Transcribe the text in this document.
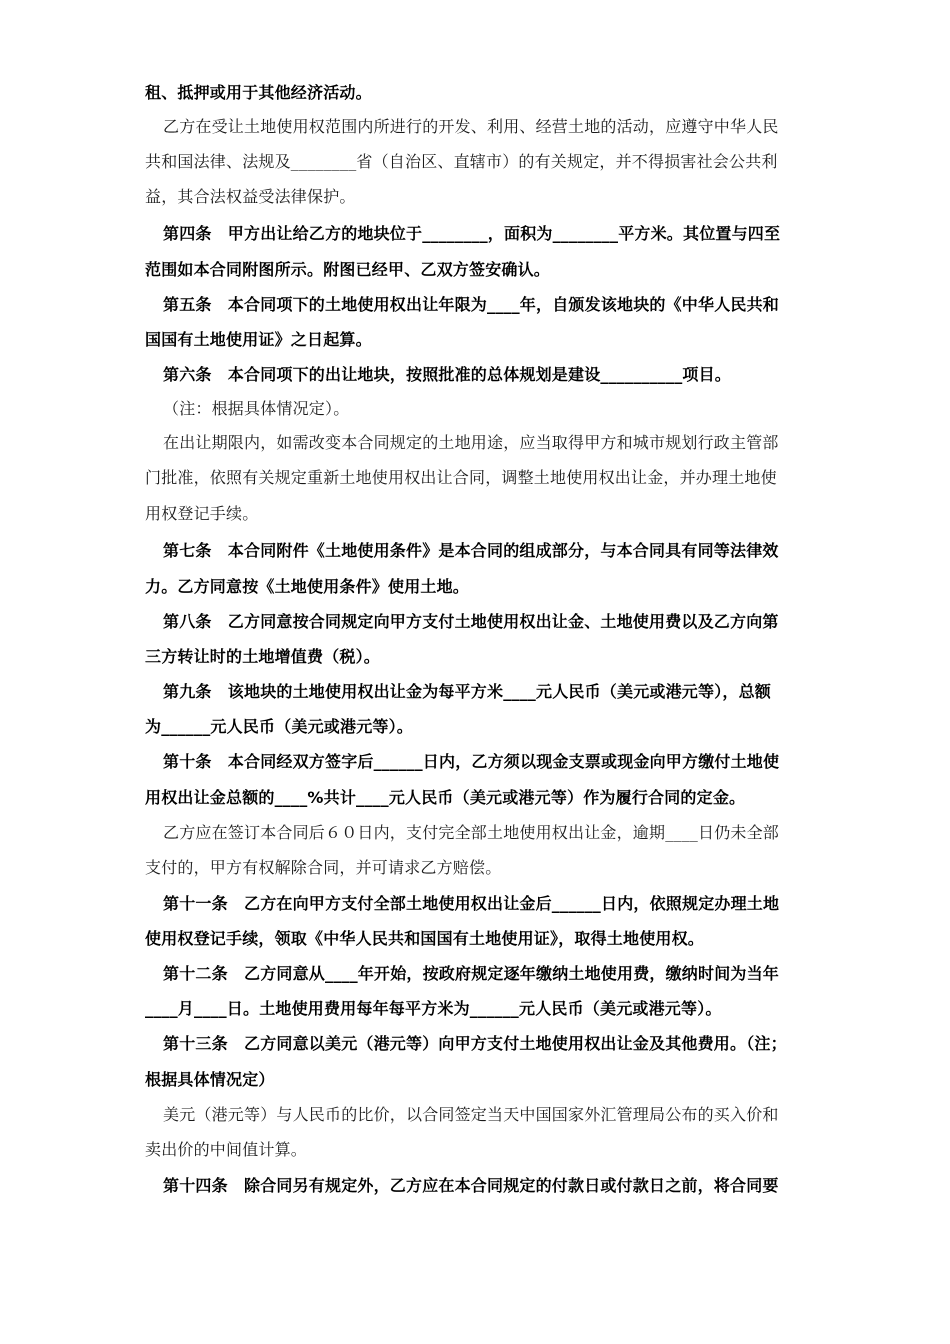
租、抵押或用于其他经济活动。
乙方在受让土地使用权范围内所进行的开发、利用、经营土地的活动，应遵守中华人民
共和国法律、法规及________省（自治区、直辖市）的有关规定，并不得损害社会公共利
益，其合法权益受法律保护。
第四条　甲方出让给乙方的地块位于________，面积为________平方米。其位置与四至
范围如本合同附图所示。附图已经甲、乙双方签安确认。
第五条　本合同项下的土地使用权出让年限为____年，自颁发该地块的《中华人民共和
国国有土地使用证》之日起算。
第六条　本合同项下的出让地块，按照批准的总体规划是建设__________项目。
（注：根据具体情况定）。
在出让期限内，如需改变本合同规定的土地用途，应当取得甲方和城市规划行政主管部
门批准，依照有关规定重新土地使用权出让合同，调整土地使用权出让金，并办理土地使
用权登记手续。
第七条　本合同附件《土地使用条件》是本合同的组成部分，与本合同具有同等法律效
力。乙方同意按《土地使用条件》使用土地。
第八条　乙方同意按合同规定向甲方支付土地使用权出让金、土地使用费以及乙方向第
三方转让时的土地增值费（税）。
第九条　该地块的土地使用权出让金为每平方米____元人民币（美元或港元等），总额
为______元人民币（美元或港元等）。
第十条　本合同经双方签字后______日内，乙方须以现金支票或现金向甲方缴付土地使
用权出让金总额的____%共计____元人民币（美元或港元等）作为履行合同的定金。
乙方应在签订本合同后６０日内，支付完全部土地使用权出让金，逾期____日仍未全部
支付的，甲方有权解除合同，并可请求乙方赔偿。
第十一条　乙方在向甲方支付全部土地使用权出让金后______日内，依照规定办理土地
使用权登记手续，领取《中华人民共和国国有土地使用证》，取得土地使用权。
第十二条　乙方同意从____年开始，按政府规定逐年缴纳土地使用费，缴纳时间为当年
____月____日。土地使用费用每年每平方米为______元人民币（美元或港元等）。
第十三条　乙方同意以美元（港元等）向甲方支付土地使用权出让金及其他费用。（注；
根据具体情况定）
美元（港元等）与人民币的比价，以合同签定当天中国国家外汇管理局公布的买入价和
卖出价的中间值计算。
第十四条　除合同另有规定外，乙方应在本合同规定的付款日或付款日之前，将合同要
